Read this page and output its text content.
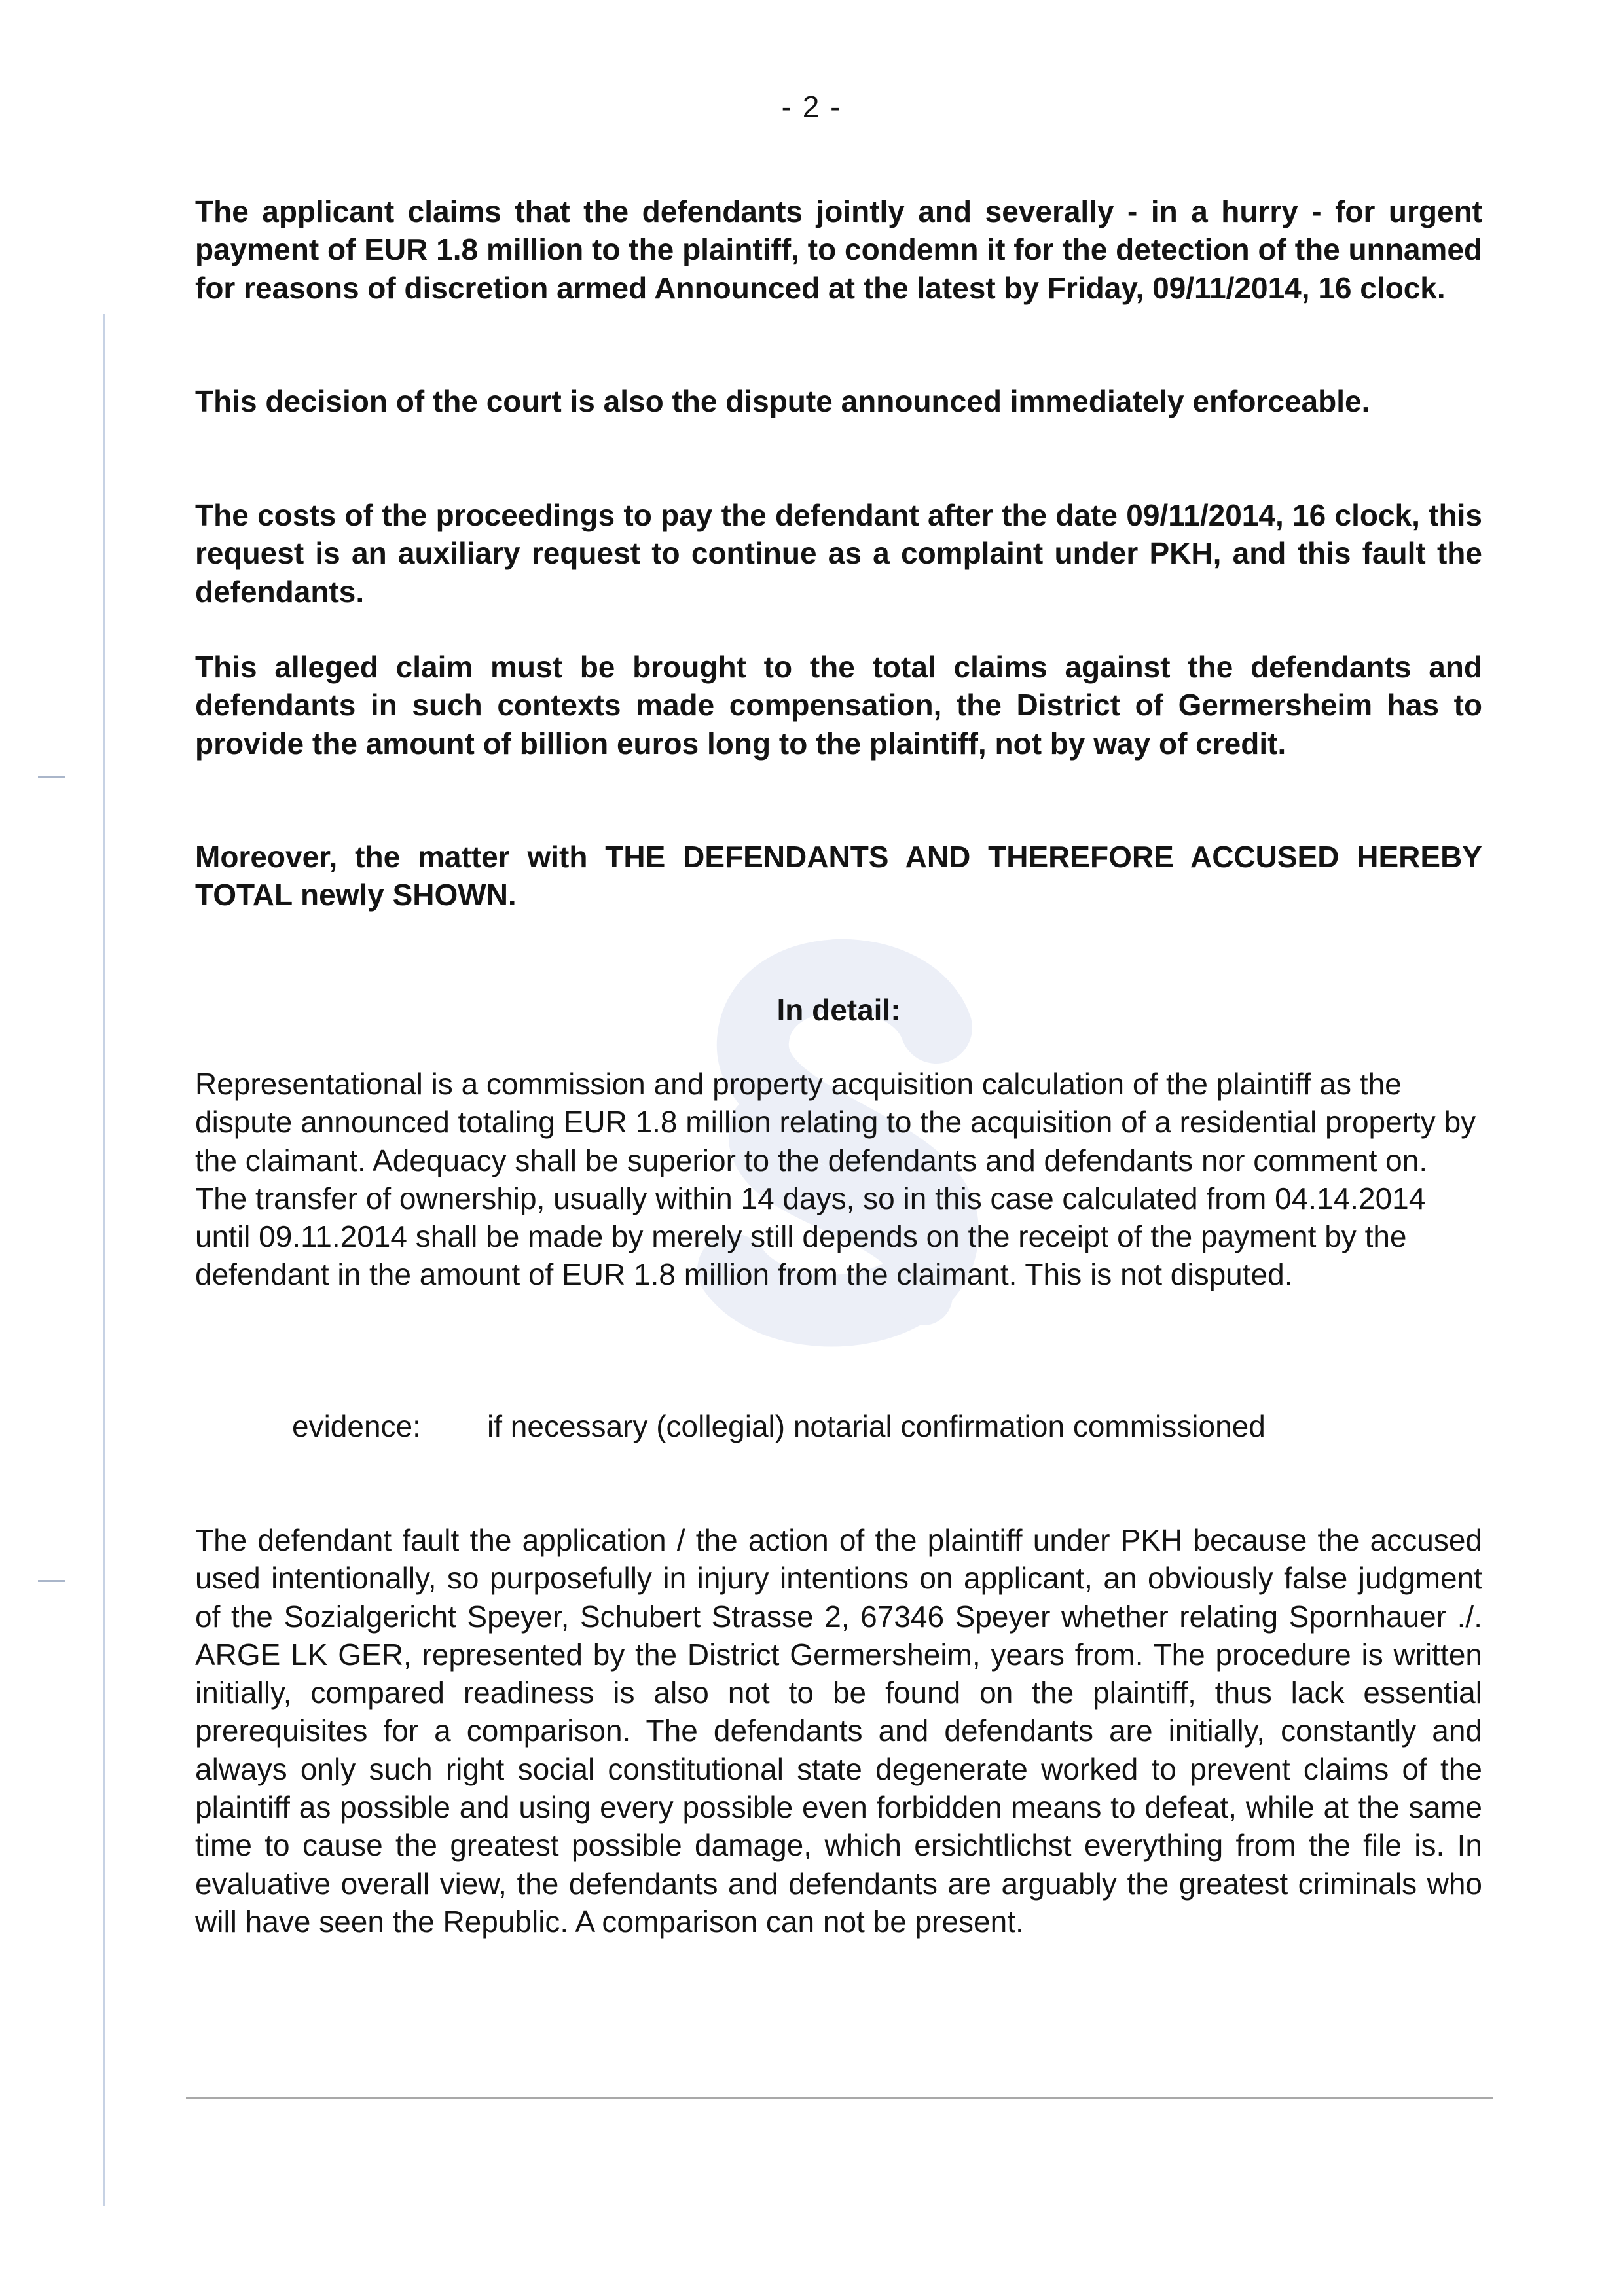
- 2 -

The applicant claims that the defendants jointly and severally - in a hurry - for urgent payment of EUR 1.8 million to the plaintiff, to condemn it for the detection of the unnamed for reasons of discretion armed Announced at the latest by Friday, 09/11/2014, 16 clock.

This decision of the court is also the dispute announced immediately enforceable.

The costs of the proceedings to pay the defendant after the date 09/11/2014, 16 clock, this request is an auxiliary request to continue as a complaint under PKH, and this fault the defendants.

This alleged claim must be brought to the total claims against the defendants and defendants in such contexts made compensation, the District of Germersheim has to provide the amount of billion euros long to the plaintiff, not by way of credit.

Moreover, the matter with THE DEFENDANTS AND THEREFORE ACCUSED HEREBY TOTAL newly SHOWN.

In detail:

Representational is a commission and property acquisition calculation of the plaintiff as the dispute announced totaling EUR 1.8 million relating to the acquisition of a residential property by the claimant. Adequacy shall be superior to the defendants and defendants nor comment on.

The transfer of ownership, usually within 14 days, so in this case calculated from 04.14.2014 until 09.11.2014 shall be made by merely still depends on the receipt of the payment by the defendant in the amount of EUR 1.8 million from the claimant. This is not disputed.

evidence: if necessary (collegial) notarial confirmation commissioned

The defendant fault the application / the action of the plaintiff under PKH because the accused used intentionally, so purposefully in injury intentions on applicant, an obviously false judgment of the Sozialgericht Speyer, Schubert Strasse 2, 67346 Speyer whether relating Spornhauer ./. ARGE LK GER, represented by the District Germersheim, years from. The procedure is written initially, compared readiness is also not to be found on the plaintiff, thus lack essential prerequisites for a comparison. The defendants and defendants are initially, constantly and always only such right social constitutional state degenerate worked to prevent claims of the plaintiff as possible and using every possible even forbidden means to defeat, while at the same time to cause the greatest possible damage, which ersichtlichst everything from the file is. In evaluative overall view, the defendants and defendants are arguably the greatest criminals who will have seen the Republic. A comparison can not be present.
